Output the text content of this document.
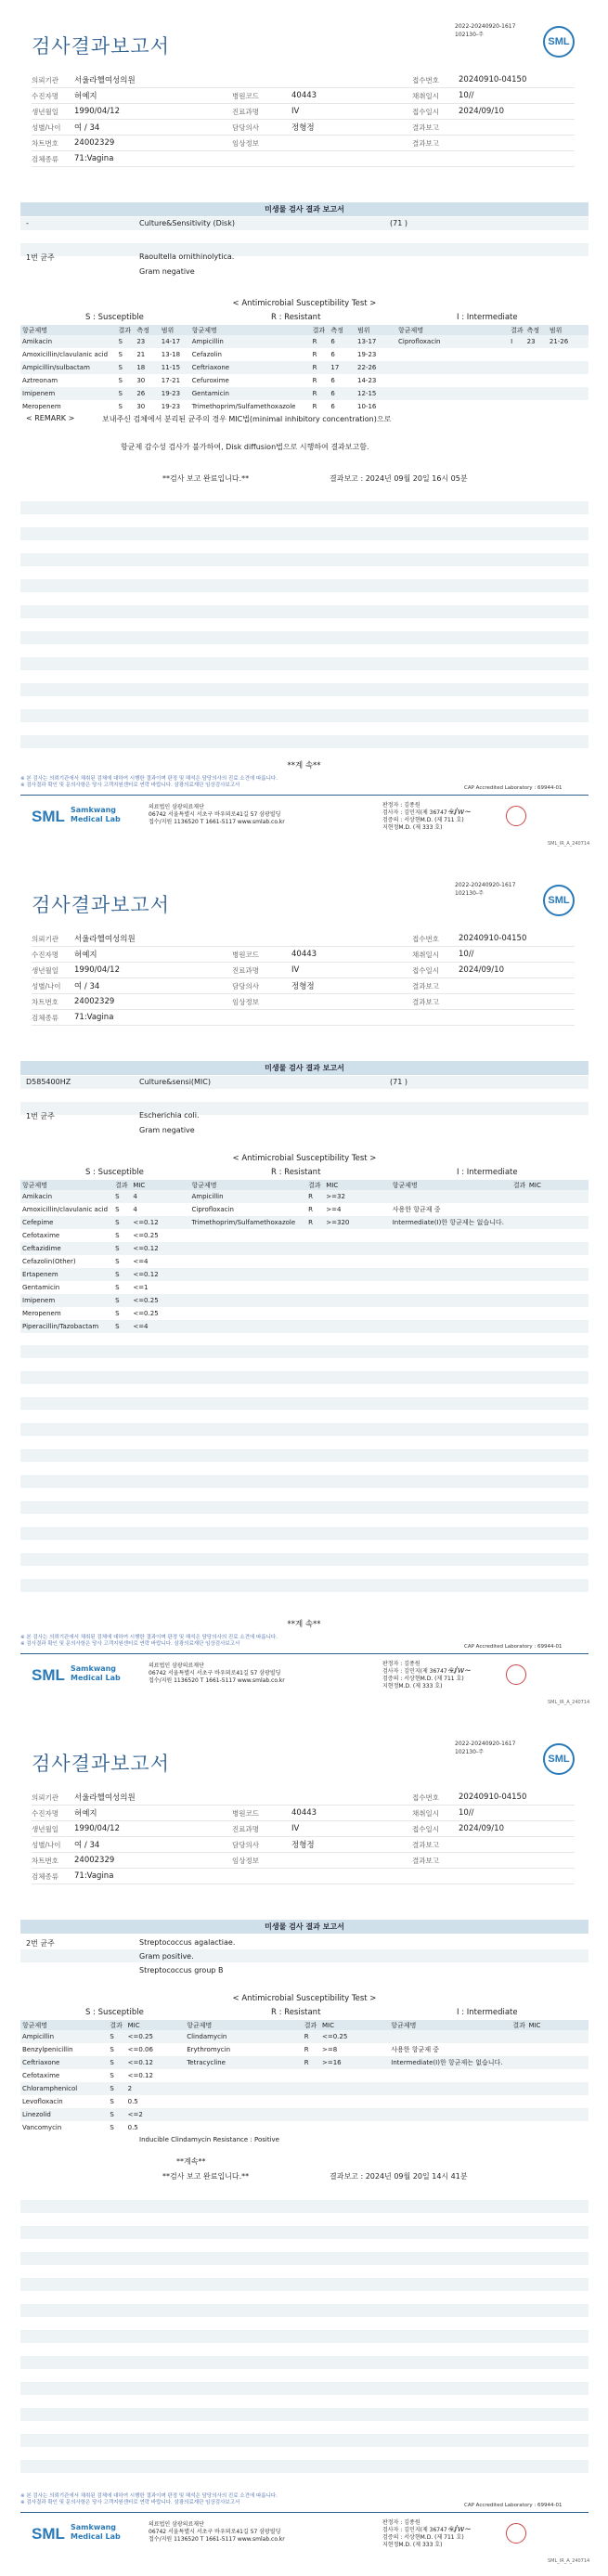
검사결과보고서
2022-20240920-1617
102130-주
SML
의뢰기관	서울라헬여성의원	접수번호	20240910-04150
수진자명	허예지	병원코드	40443	채취일시	10//
생년월일	1990/04/12	진료과명	IV	접수일시	2024/09/10
성별/나이	여 / 34	담당의사	정형정	결과보고
차트번호	24002329	임상정보	결과보고
검체종류	71:Vagina
미생물 검사 결과 보고서
-	Culture&Sensitivity (Disk)	(71 )
1번 균주	Raoultella ornithinolytica.
Gram negative
< Antimicrobial Susceptibility Test >
S : Susceptible	R : Resistant	I : Intermediate
항균제명	결과	측정	범위	항균제명	결과	측정	범위	항균제명	결과	측정	범위
Amikacin	S	23	14-17	Ampicillin	R	6	13-17	Ciprofloxacin	I	23	21-26
Amoxicillin/clavulanic acid	S	21	13-18	Cefazolin	R	6	19-23				
Ampicillin/sulbactam	S	18	11-15	Ceftriaxone	R	17	22-26				
Aztreonam	S	30	17-21	Cefuroxime	R	6	14-23				
Imipenem	S	26	19-23	Gentamicin	R	6	12-15				
Meropenem	S	30	19-23	Trimethoprim/Sulfamethoxazole	R	6	10-16				
< REMARK >	보내주신 검체에서 분리된 균주의 경우 MIC법(minimal inhibitory concentration)으로
항균제 감수성 검사가 불가하여, Disk diffusion법으로 시행하여 결과보고함.
**검사 보고 완료입니다.**	결과보고 : 2024년 09월 20일 16시 05분
**계 속**
※ 본 검사는 의뢰기관에서 채취된 검체에 대하여 시행한 결과이며 판정 및 해석은 담당의사의 진료 소견에 따릅니다.
※ 검사결과 확인 및 문의사항은 당사 고객지원센터로 연락 바랍니다. 삼광의료재단 임상검사보고서	CAP Accredited Laboratory : 69944-01
SML Samkwang
Medical Lab
의료법인 삼광의료재단
06742 서울특별시 서초구 바우뫼로41길 57 삼광빌딩
접수/지원 1136520 T 1661-5117 www.smlab.co.kr
판정자 : 김종원
검사자 : 김민지(제 36747 호)
검증의 : 서상현M.D. (제 711 호)
지현정M.D. (제 333 호)
~/w~
SML_IR_A_240714
검사결과보고서
2022-20240920-1617
102130-주
SML
의뢰기관	서울라헬여성의원	접수번호	20240910-04150
수진자명	허예지	병원코드	40443	채취일시	10//
생년월일	1990/04/12	진료과명	IV	접수일시	2024/09/10
성별/나이	여 / 34	담당의사	정형정	결과보고
차트번호	24002329	임상정보	결과보고
검체종류	71:Vagina
미생물 검사 결과 보고서
D585400HZ	Culture&sensi(MIC)	(71 )
1번 균주	Escherichia coli.
Gram negative
< Antimicrobial Susceptibility Test >
S : Susceptible	R : Resistant	I : Intermediate
항균제명	결과	MIC		항균제명	결과	MIC		항균제명	결과	MIC	
Amikacin	S	4		Ampicillin	R	>=32					
Amoxicillin/clavulanic acid	S	4		Ciprofloxacin	R	>=4		사용한 항균제 중			
Cefepime	S	<=0.12		Trimethoprim/Sulfamethoxazole	R	>=320		Intermediate(I)한 항균제는 없습니다.			
Cefotaxime	S	<=0.25									
Ceftazidime	S	<=0.12									
Cefazolin(Other)	S	<=4									
Ertapenem	S	<=0.12									
Gentamicin	S	<=1									
Imipenem	S	<=0.25									
Meropenem	S	<=0.25									
Piperacillin/Tazobactam	S	<=4									
**계 속**
※ 본 검사는 의뢰기관에서 채취된 검체에 대하여 시행한 결과이며 판정 및 해석은 담당의사의 진료 소견에 따릅니다.
※ 검사결과 확인 및 문의사항은 당사 고객지원센터로 연락 바랍니다. 삼광의료재단 임상검사보고서	CAP Accredited Laboratory : 69944-01
SML Samkwang
Medical Lab
의료법인 삼광의료재단
06742 서울특별시 서초구 바우뫼로41길 57 삼광빌딩
접수/지원 1136520 T 1661-5117 www.smlab.co.kr
판정자 : 김종원
검사자 : 김민지(제 36747 호)
검증의 : 서상현M.D. (제 711 호)
지현정M.D. (제 333 호)
~/w~
SML_IR_A_240714
검사결과보고서
2022-20240920-1617
102130-주
SML
의뢰기관	서울라헬여성의원	접수번호	20240910-04150
수진자명	허예지	병원코드	40443	채취일시	10//
생년월일	1990/04/12	진료과명	IV	접수일시	2024/09/10
성별/나이	여 / 34	담당의사	정형정	결과보고
차트번호	24002329	임상정보	결과보고
검체종류	71:Vagina
미생물 검사 결과 보고서
2번 균주	Streptococcus agalactiae.
Gram positive.
Streptococcus group B
< Antimicrobial Susceptibility Test >
S : Susceptible	R : Resistant	I : Intermediate
항균제명	결과	MIC		항균제명	결과	MIC		항균제명	결과	MIC	
Ampicillin	S	<=0.25		Clindamycin	R	<=0.25					
Benzylpenicillin	S	<=0.06		Erythromycin	R	>=8		사용한 항균제 중			
Ceftriaxone	S	<=0.12		Tetracycline	R	>=16		Intermediate(I)한 항균제는 없습니다.			
Cefotaxime	S	<=0.12									
Chloramphenicol	S	2									
Levofloxacin	S	0.5									
Linezolid	S	<=2									
Vancomycin	S	0.5									
Inducible Clindamycin Resistance : Positive
**계속**
**검사 보고 완료입니다.**	결과보고 : 2024년 09월 20일 14시 41분
※ 본 검사는 의뢰기관에서 채취된 검체에 대하여 시행한 결과이며 판정 및 해석은 담당의사의 진료 소견에 따릅니다.
※ 검사결과 확인 및 문의사항은 당사 고객지원센터로 연락 바랍니다. 삼광의료재단 임상검사보고서	CAP Accredited Laboratory : 69944-01
SML Samkwang
Medical Lab
의료법인 삼광의료재단
06742 서울특별시 서초구 바우뫼로41길 57 삼광빌딩
접수/지원 1136520 T 1661-5117 www.smlab.co.kr
판정자 : 김종원
검사자 : 김민지(제 36747 호)
검증의 : 서상현M.D. (제 711 호)
지현정M.D. (제 333 호)
~/w~
SML_IR_A_240714
